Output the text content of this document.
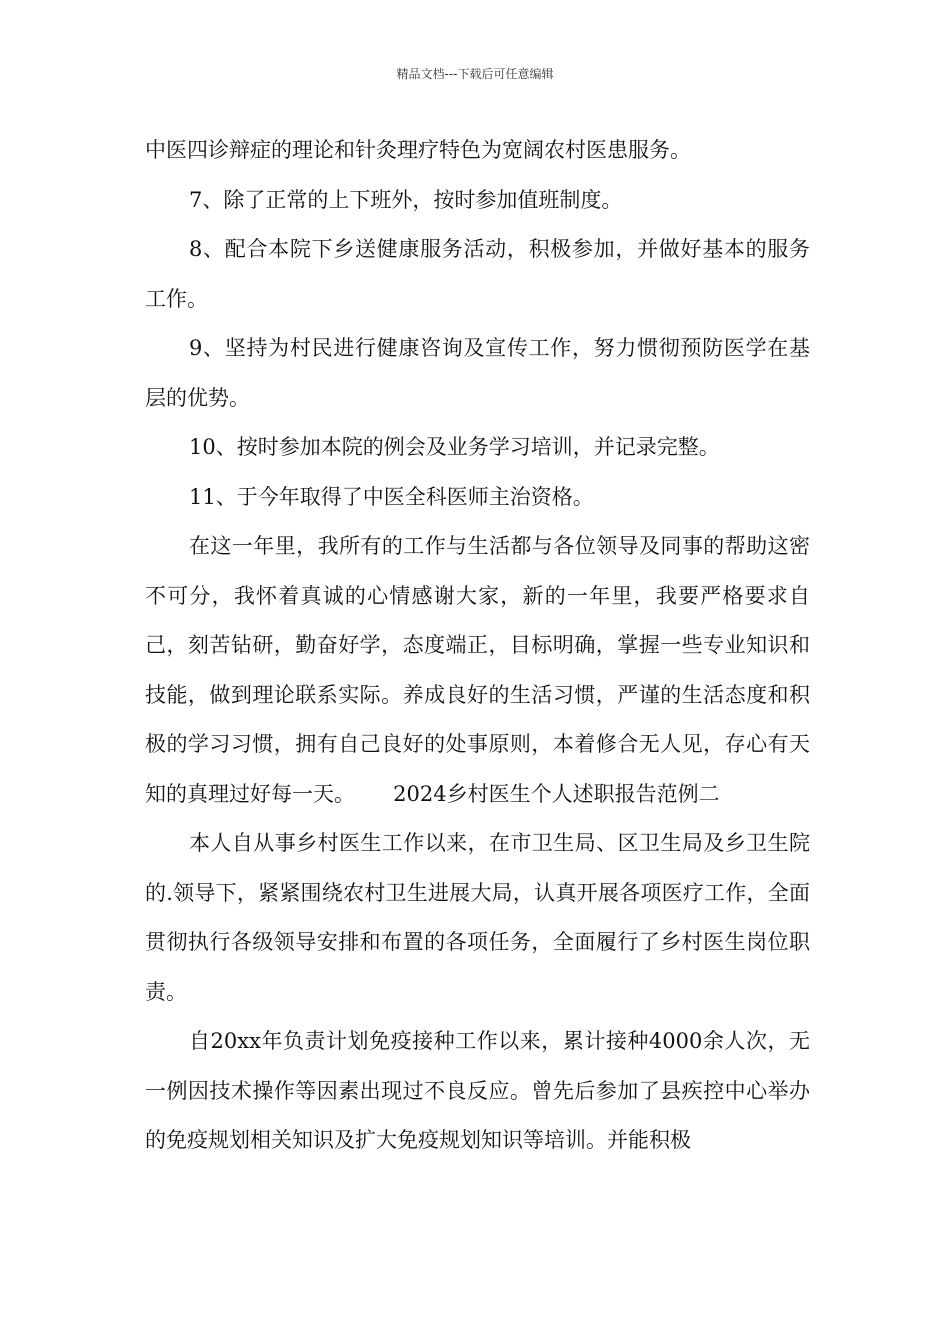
精品文档---下载后可任意编辑

中医四诊辩症的理论和针灸理疗特色为宽阔农村医患服务。

7、除了正常的上下班外，按时参加值班制度。

8、配合本院下乡送健康服务活动，积极参加，并做好基本的服务工作。

9、坚持为村民进行健康咨询及宣传工作，努力惯彻预防医学在基层的优势。

10、按时参加本院的例会及业务学习培训，并记录完整。

11、于今年取得了中医全科医师主治资格。

在这一年里，我所有的工作与生活都与各位领导及同事的帮助这密不可分，我怀着真诚的心情感谢大家，新的一年里，我要严格要求自己，刻苦钻研，勤奋好学，态度端正，目标明确，掌握一些专业知识和技能，做到理论联系实际。养成良好的生活习惯，严谨的生活态度和积极的学习习惯，拥有自己良好的处事原则，本着修合无人见，存心有天知的真理过好每一天。　　 2024乡村医生个人述职报告范例二

本人自从事乡村医生工作以来，在市卫生局、区卫生局及乡卫生院的.领导下，紧紧围绕农村卫生进展大局，认真开展各项医疗工作，全面贯彻执行各级领导安排和布置的各项任务，全面履行了乡村医生岗位职责。

自20xx年负责计划免疫接种工作以来，累计接种4000余人次，无一例因技术操作等因素出现过不良反应。曾先后参加了县疾控中心举办的免疫规划相关知识及扩大免疫规划知识等培训。并能积极
